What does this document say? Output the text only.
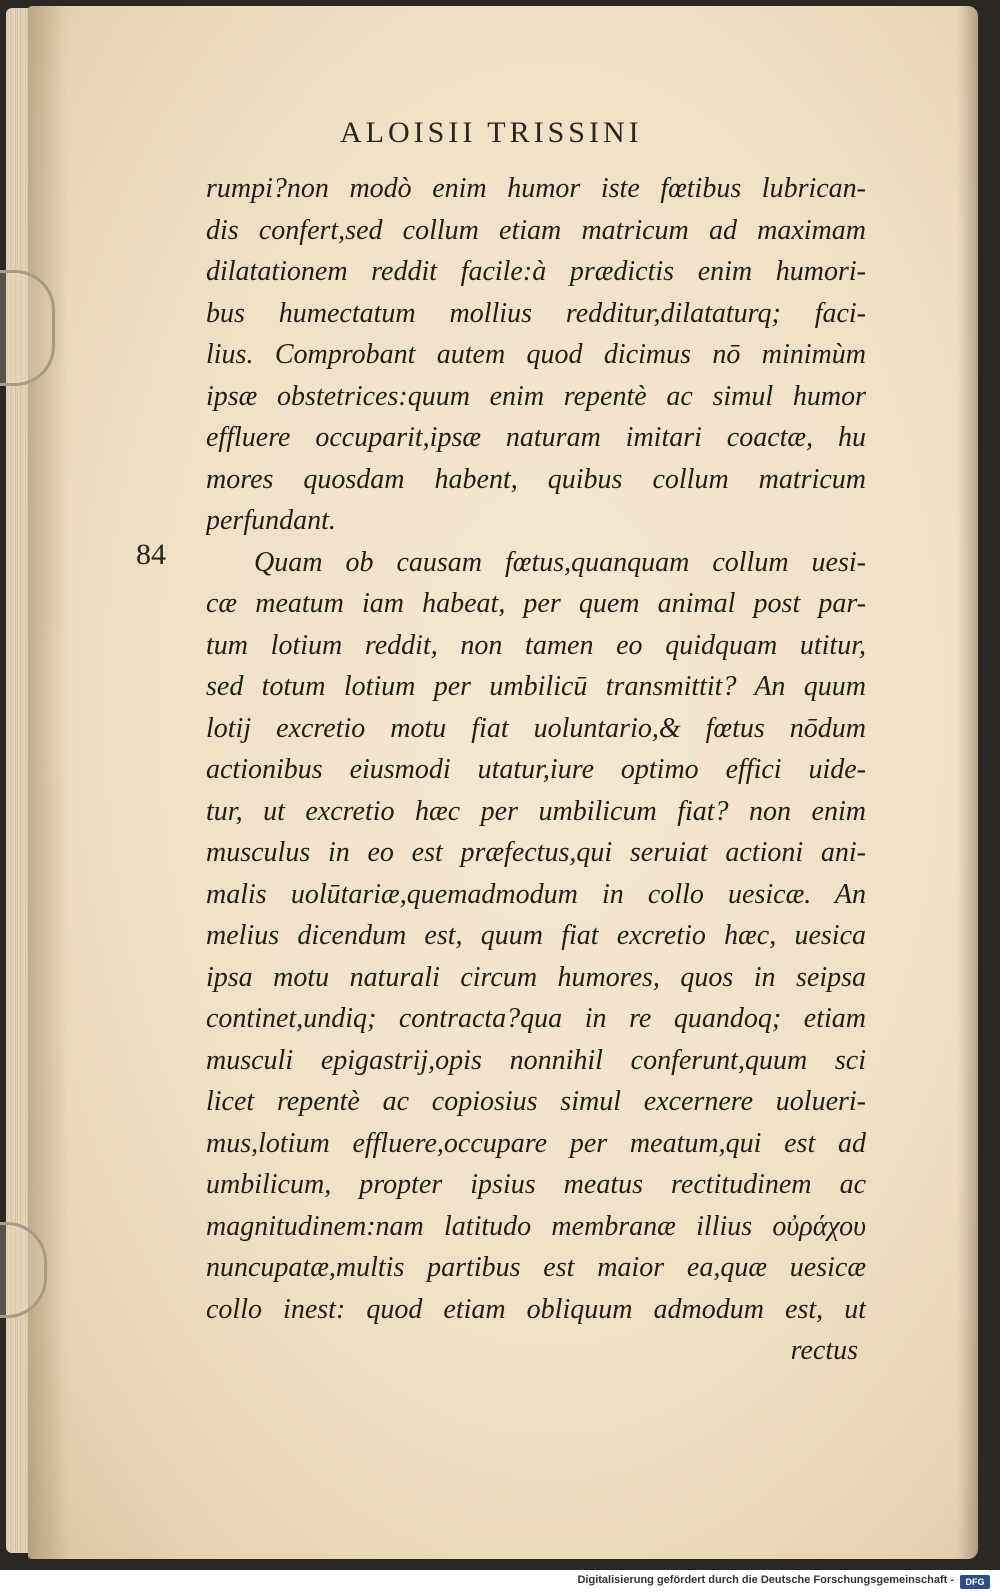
ALOISII TRISSINI
84
rumpi?non modò enim humor iste fœtibus lubrican-
dis confert,sed collum etiam matricum ad maximam
dilatationem reddit facile:à prædictis enim humori-
bus humectatum mollius redditur,dilataturq; faci-
lius. Comprobant autem quod dicimus nō minimùm
ipsæ obstetrices:quum enim repentè ac simul humor
effluere occuparit,ipsæ naturam imitari coactæ, hu
mores quosdam habent, quibus collum matricum
perfundant.
Quam ob causam fœtus,quanquam collum uesi-
cæ meatum iam habeat, per quem animal post par-
tum lotium reddit, non tamen eo quidquam utitur,
sed totum lotium per umbilicū transmittit? An quum
lotij excretio motu fiat uoluntario,& fœtus nōdum
actionibus eiusmodi utatur,iure optimo effici uide-
tur, ut excretio hæc per umbilicum fiat? non enim
musculus in eo est præfectus,qui seruiat actioni ani-
malis uolūtariæ,quemadmodum in collo uesicæ. An
melius dicendum est, quum fiat excretio hæc, uesica
ipsa motu naturali circum humores, quos in seipsa
continet,undiq; contracta?qua in re quandoq; etiam
musculi epigastrij,opis nonnihil conferunt,quum sci
licet repentè ac copiosius simul excernere uolueri-
mus,lotium effluere,occupare per meatum,qui est ad
umbilicum, propter ipsius meatus rectitudinem ac
magnitudinem:nam latitudo membranæ illius οὐράχου
nuncupatæ,multis partibus est maior ea,quæ uesicæ
collo inest: quod etiam obliquum admodum est, ut
rectus
Digitalisierung gefördert durch die Deutsche Forschungsgemeinschaft -	DFG
